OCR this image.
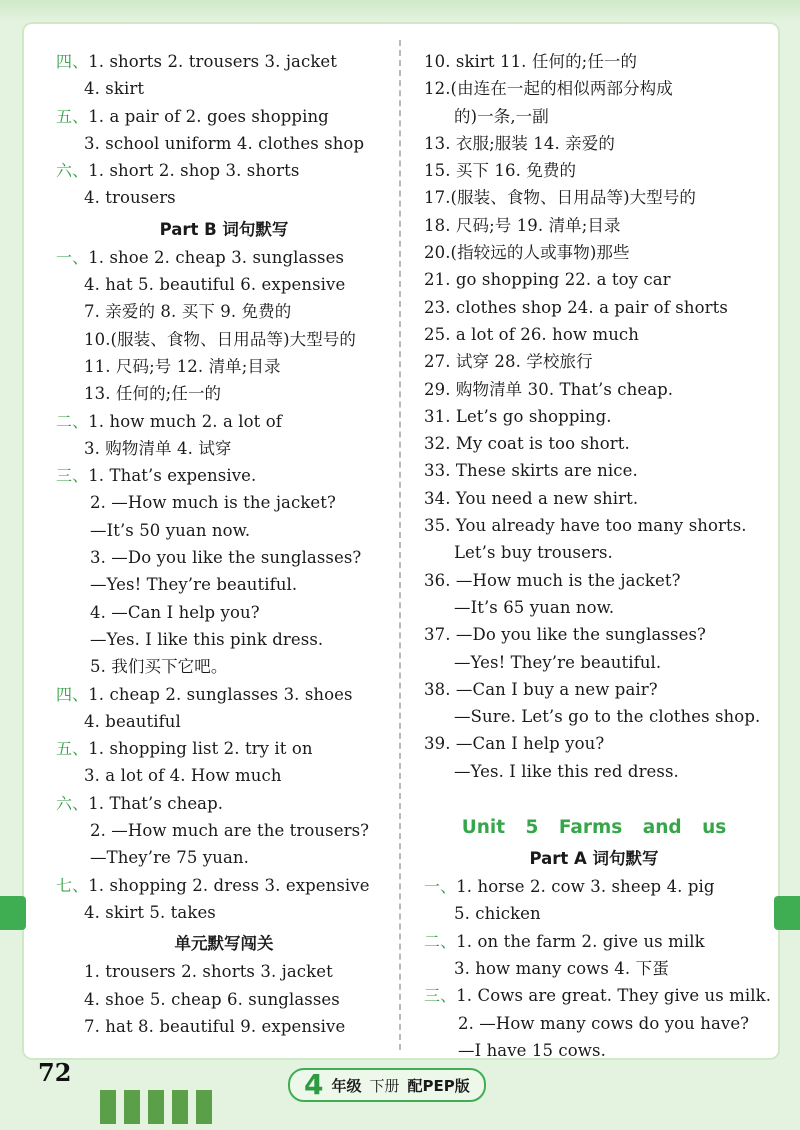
四、1. shorts 2. trousers 3. jacket
4. skirt
五、1. a pair of 2. goes shopping
3. school uniform 4. clothes shop
六、1. short 2. shop 3. shorts
4. trousers
Part B 词句默写
一、1. shoe 2. cheap 3. sunglasses
4. hat 5. beautiful 6. expensive
7. 亲爱的 8. 买下 9. 免费的
10.(服装、食物、日用品等)大型号的
11. 尺码;号 12. 清单;目录
13. 任何的;任一的
二、1. how much 2. a lot of
3. 购物清单 4. 试穿
三、1. That’s expensive.
2. —How much is the jacket?
—It’s 50 yuan now.
3. —Do you like the sunglasses?
—Yes! They’re beautiful.
4. —Can I help you?
—Yes. I like this pink dress.
5. 我们买下它吧。
四、1. cheap 2. sunglasses 3. shoes
4. beautiful
五、1. shopping list 2. try it on
3. a lot of 4. How much
六、1. That’s cheap.
2. —How much are the trousers?
—They’re 75 yuan.
七、1. shopping 2. dress 3. expensive
4. skirt 5. takes
单元默写闯关
1. trousers 2. shorts 3. jacket
4. shoe 5. cheap 6. sunglasses
7. hat 8. beautiful 9. expensive
10. skirt 11. 任何的;任一的
12.(由连在一起的相似两部分构成
的)一条,一副
13. 衣服;服装 14. 亲爱的
15. 买下 16. 免费的
17.(服装、食物、日用品等)大型号的
18. 尺码;号 19. 清单;目录
20.(指较远的人或事物)那些
21. go shopping 22. a toy car
23. clothes shop 24. a pair of shorts
25. a lot of 26. how much
27. 试穿 28. 学校旅行
29. 购物清单 30. That’s cheap.
31. Let’s go shopping.
32. My coat is too short.
33. These skirts are nice.
34. You need a new shirt.
35. You already have too many shorts.
Let’s buy trousers.
36. —How much is the jacket?
—It’s 65 yuan now.
37. —Do you like the sunglasses?
—Yes! They’re beautiful.
38. —Can I buy a new pair?
—Sure. Let’s go to the clothes shop.
39. —Can I help you?
—Yes. I like this red dress.
Unit 5 Farms and us
Part A 词句默写
一、1. horse 2. cow 3. sheep 4. pig
5. chicken
二、1. on the farm 2. give us milk
3. how many cows 4. 下蛋
三、1. Cows are great. They give us milk.
2. —How many cows do you have?
—I have 15 cows.
72	4 年级 下册 配PEP版
